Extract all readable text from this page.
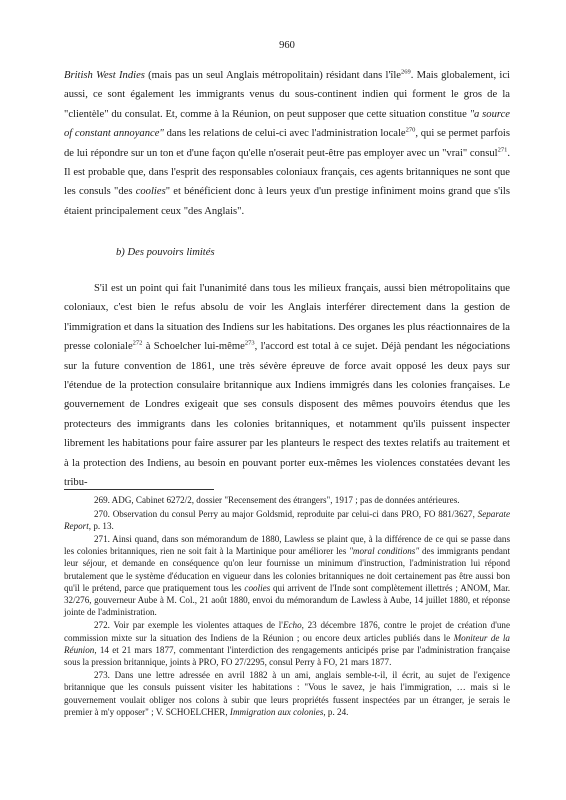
960

British West Indies (mais pas un seul Anglais métropolitain) résidant dans l'île$^{269}$. Mais globalement, ici aussi, ce sont également les immigrants venus du sous-continent indien qui forment le gros de la "clientèle" du consulat. Et, comme à la Réunion, on peut supposer que cette situation constitue "a source of constant annoyance" dans les relations de celui-ci avec l'administration locale$^{270}$, qui se permet parfois de lui répondre sur un ton et d'une façon qu'elle n'oserait peut-être pas employer avec un "vrai" consul$^{271}$. Il est probable que, dans l'esprit des responsables coloniaux français, ces agents britanniques ne sont que les consuls "des coolies" et bénéficient donc à leurs yeux d'un prestige infiniment moins grand que s'ils étaient principalement ceux "des Anglais".

b) Des pouvoirs limités

S'il est un point qui fait l'unanimité dans tous les milieux français, aussi bien métropolitains que coloniaux, c'est bien le refus absolu de voir les Anglais interférer directement dans la gestion de l'immigration et dans la situation des Indiens sur les habitations. Des organes les plus réactionnaires de la presse coloniale$^{272}$ à Schoelcher lui-même$^{273}$, l'accord est total à ce sujet. Déjà pendant les négociations sur la future convention de 1861, une très sévère épreuve de force avait opposé les deux pays sur l'étendue de la protection consulaire britannique aux Indiens immigrés dans les colonies françaises. Le gouvernement de Londres exigeait que ses consuls disposent des mêmes pouvoirs étendus que les protecteurs des immigrants dans les colonies britanniques, et notamment qu'ils puissent inspecter librement les habitations pour faire assurer par les planteurs le respect des textes relatifs au traitement et à la protection des Indiens, au besoin en pouvant porter eux-mêmes les violences constatées devant les tribu-

269. ADG, Cabinet 6272/2, dossier "Recensement des étrangers", 1917 ; pas de données antérieures.

270. Observation du consul Perry au major Goldsmid, reproduite par celui-ci dans PRO, FO 881/3627, Separate Report, p. 13.

271. Ainsi quand, dans son mémorandum de 1880, Lawless se plaint que, à la différence de ce qui se passe dans les colonies britanniques, rien ne soit fait à la Martinique pour améliorer les "moral conditions" des immigrants pendant leur séjour, et demande en conséquence qu'on leur fournisse un minimum d'instruction, l'administration lui répond brutalement que le système d'éducation en vigueur dans les colonies britanniques ne doit certainement pas être aussi bon qu'il le prétend, parce que pratiquement tous les coolies qui arrivent de l'Inde sont complètement illettrés ; ANOM, Mar. 32/276, gouverneur Aube à M. Col., 21 août 1880, envoi du mémorandum de Lawless à Aube, 14 juillet 1880, et réponse jointe de l'administration.

272. Voir par exemple les violentes attaques de l'Echo, 23 décembre 1876, contre le projet de création d'une commission mixte sur la situation des Indiens de la Réunion ; ou encore deux articles publiés dans le Moniteur de la Réunion, 14 et 21 mars 1877, commentant l'interdiction des rengagements anticipés prise par l'administration française sous la pression britannique, joints à PRO, FO 27/2295, consul Perry à FO, 21 mars 1877.

273. Dans une lettre adressée en avril 1882 à un ami, anglais semble-t-il, il écrit, au sujet de l'exigence britannique que les consuls puissent visiter les habitations : "Vous le savez, je hais l'immigration, … mais si le gouvernement voulait obliger nos colons à subir que leurs propriétés fussent inspectées par un étranger, je serais le premier à m'y opposer" ; V. SCHOELCHER, Immigration aux colonies, p. 24.
